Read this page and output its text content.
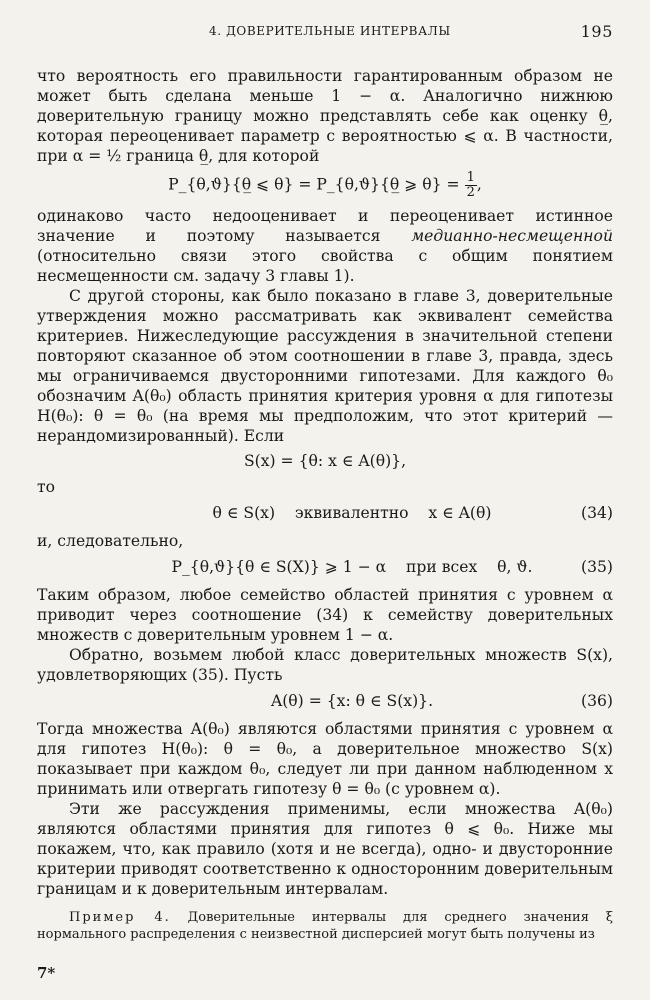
4. ДОВЕРИТЕЛЬНЫЕ ИНТЕРВАЛЫ	195

что вероятность его правильности гарантированным образом не может быть сделана меньше 1 − α. Аналогично нижнюю доверительную границу можно представлять себе как оценку θ̲, которая переоценивает параметр с вероятностью ⩽ α. В частности, при α = ½ граница θ̲, для которой

P_{θ,ϑ}{θ̲ ⩽ θ} = P_{θ,ϑ}{θ̲ ⩾ $\theta\} = \frac{1}{2}$ ,

одинаково часто недооценивает и переоценивает истинное значение и поэтому называется медианно-несмещенной (относительно связи этого свойства с общим понятием несмещенности см. задачу 3 главы 1).

С другой стороны, как было показано в главе 3, доверительные утверждения можно рассматривать как эквивалент семейства критериев. Нижеследующие рассуждения в значительной степени повторяют сказанное об этом соотношении в главе 3, правда, здесь мы ограничиваемся двусторонними гипотезами. Для каждого θ₀ обозначим A(θ₀) область принятия критерия уровня α для гипотезы H(θ₀): θ = θ₀ (на время мы предположим, что этот критерий — нерандомизированный). Если

S(x) = {θ: x ∈ A(θ)},

то

θ ∈ S(x) эквивалентно x ∈ A(θ)	(34)

и, следовательно,

P_{θ,ϑ}{θ ∈ S(X)} ⩾ 1 − α при всех θ, ϑ.	(35)

Таким образом, любое семейство областей принятия с уровнем α приводит через соотношение (34) к семейству доверительных множеств с доверительным уровнем 1 − α.

Обратно, возьмем любой класс доверительных множеств S(x), удовлетворяющих (35). Пусть

A(θ) = {x: θ ∈ S(x)}.	(36)

Тогда множества A(θ₀) являются областями принятия с уровнем α для гипотез H(θ₀): θ = θ₀, а доверительное множество S(x) показывает при каждом θ₀, следует ли при данном наблюденном x принимать или отвергать гипотезу θ = θ₀ (с уровнем α).

Эти же рассуждения применимы, если множества A(θ₀) являются областями принятия для гипотез θ ⩽ θ₀. Ниже мы покажем, что, как правило (хотя и не всегда), одно- и двусторонние критерии приводят соответственно к односторонним доверительным границам и к доверительным интервалам.

Пример 4. Доверительные интервалы для среднего значения ξ нормального распределения с неизвестной дисперсией могут быть получены из

7*
